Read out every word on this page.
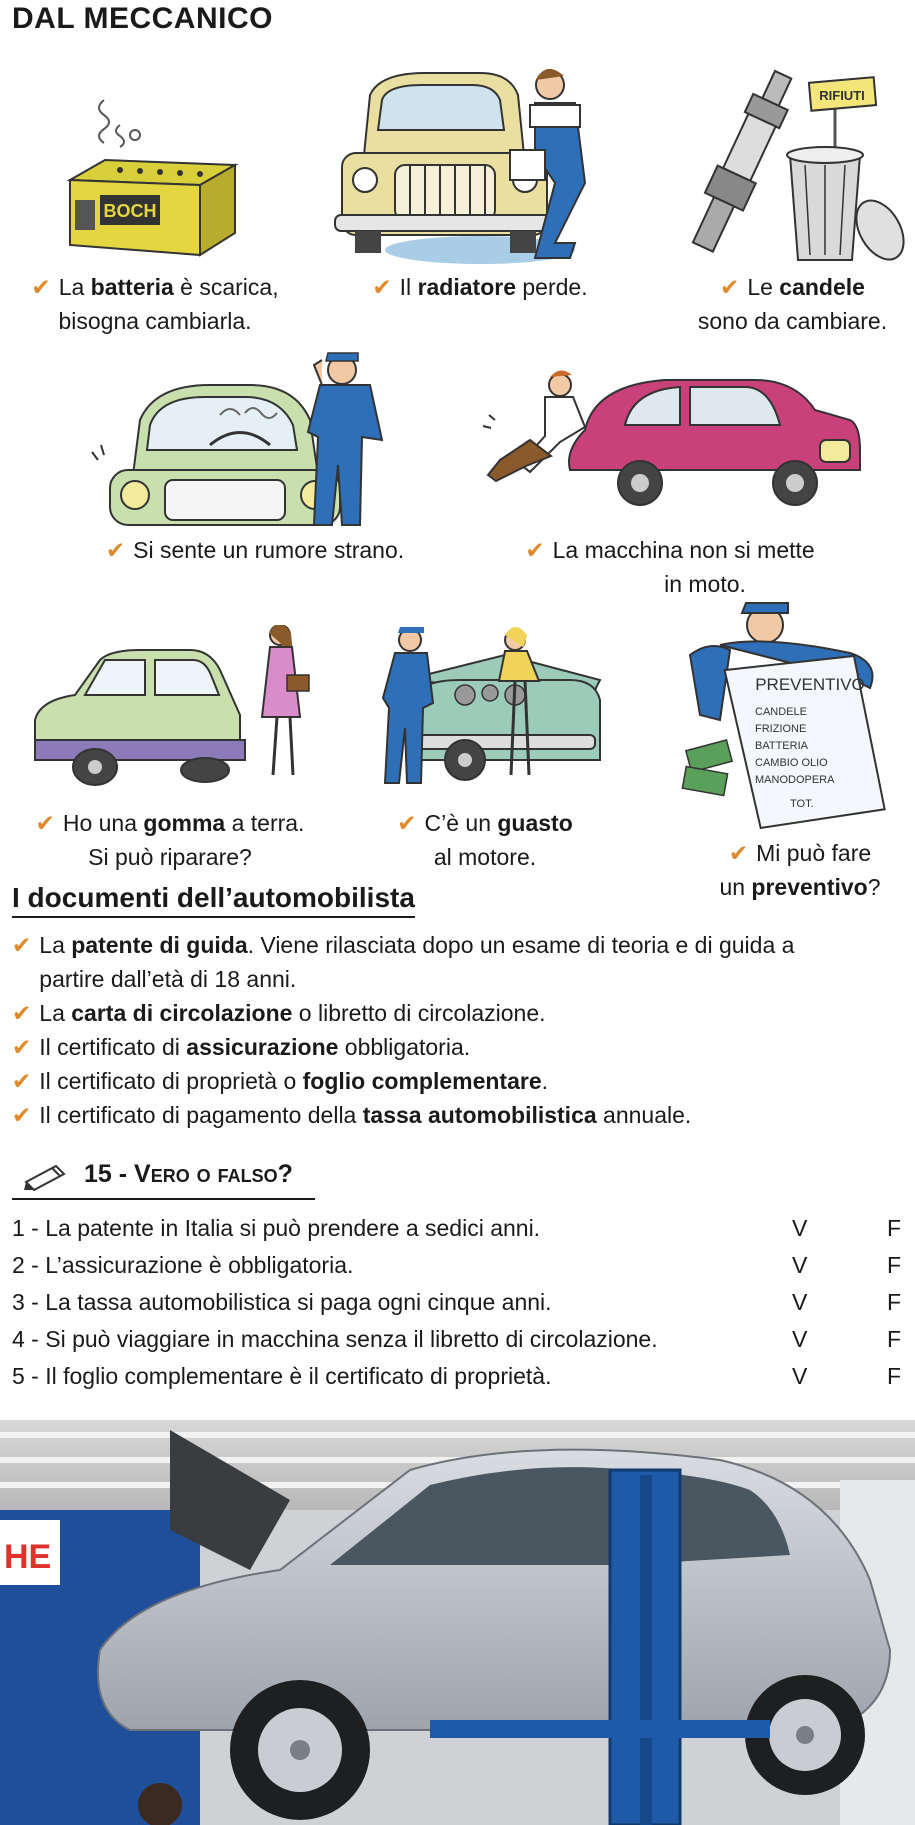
DAL MECCANICO
BOCH
RIFIUTI
✔ La batteria è scarica,
bisogna cambiarla.
✔ Il radiatore perde.	✔ Le candele
sono da cambiare.
✔ Si sente un rumore strano.	✔ La macchina non si mette
in moto.
PREVENTIVO
CANDELE
FRIZIONE
BATTERIA
CAMBIO OLIO
MANODOPERA
TOT.
✔ Ho una gomma a terra.
Si può riparare?
✔ C’è un guasto
al motore.	✔ Mi può fare
un preventivo?
I documenti dell’automobilista
✔ La patente di guida. Viene rilasciata dopo un esame di teoria e di guida a
partire dall’età di 18 anni.
✔ La carta di circolazione o libretto di circolazione.
✔ Il certificato di assicurazione obbligatoria.
✔ Il certificato di proprietà o foglio complementare.
✔ Il certificato di pagamento della tassa automobilistica annuale.
15 - Vero o falso?
1 - La patente in Italia si può prendere a sedici anni.	V	F
2 - L’assicurazione è obbligatoria.	V	F
3 - La tassa automobilistica si paga ogni cinque anni.	V	F
4 - Si può viaggiare in macchina senza il libretto di circolazione.	V	F
5 - Il foglio complementare è il certificato di proprietà.	V	F
HE
